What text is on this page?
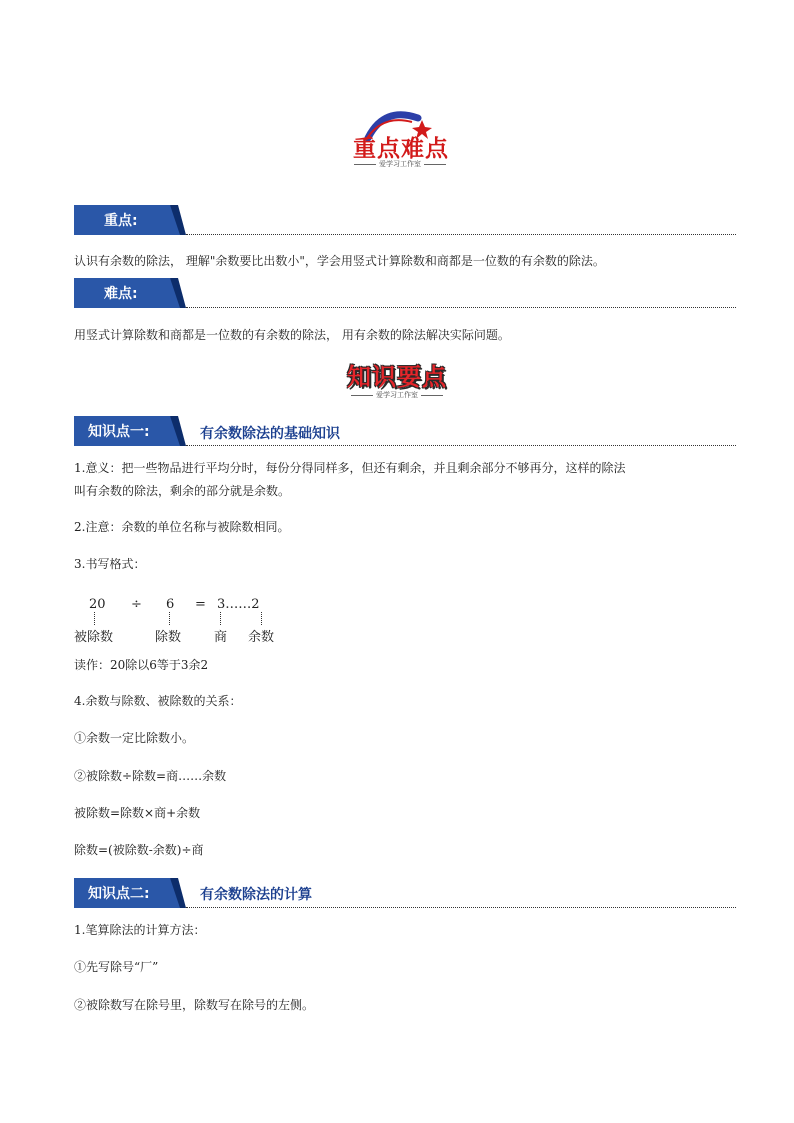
重点难点
爱学习工作室
重点:
认识有余数的除法， 理解"余数要比出数小"，学会用竖式计算除数和商都是一位数的有余数的除法。
难点:
用竖式计算除数和商都是一位数的有余数的除法， 用有余数的除法解决实际问题。
知识要点
爱学习工作室
知识点一:	有余数除法的基础知识
1.意义：把一些物品进行平均分时，每份分得同样多，但还有剩余，并且剩余部分不够再分，这样的除法
叫有余数的除法，剩余的部分就是余数。
2.注意：余数的单位名称与被除数相同。
3.书写格式：
20 ÷ 6 = 3……2
被除数	除数	商 余数
读作：20除以6等于3余2
4.余数与除数、被除数的关系：
①余数一定比除数小。
②被除数÷除数=商……余数
被除数=除数×商+余数
除数=(被除数-余数)÷商
知识点二:	有余数除法的计算
1.笔算除法的计算方法：
①先写除号“厂”
②被除数写在除号里，除数写在除号的左侧。
